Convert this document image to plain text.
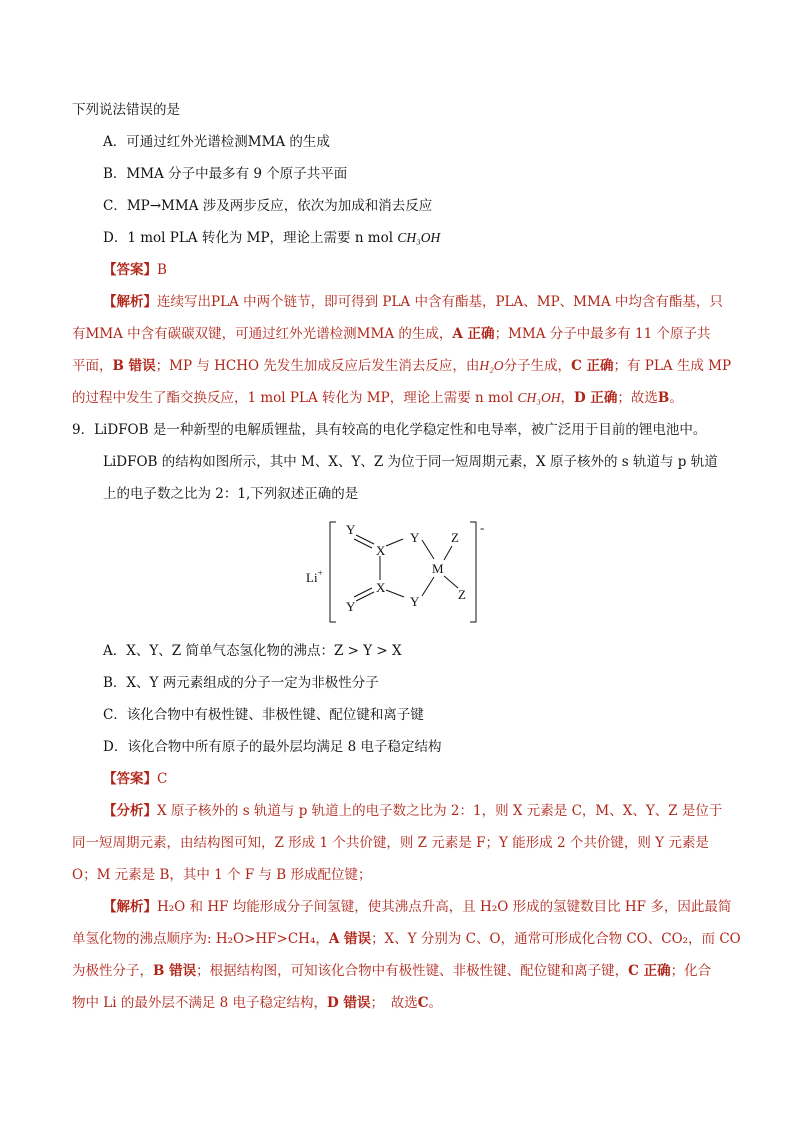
下列说法错误的是
A．可通过红外光谱检测MMA 的生成
B．MMA 分子中最多有 9 个原子共平面
C．MP→MMA 涉及两步反应，依次为加成和消去反应
D．1 mol PLA 转化为 MP，理论上需要 n mol CH₃OH
【答案】B
【解析】连续写出PLA 中两个链节，即可得到 PLA 中含有酯基，PLA、MP、MMA 中均含有酯基，只
有MMA 中含有碳碳双键，可通过红外光谱检测MMA 的生成，A 正确；MMA 分子中最多有 11 个原子共
平面，B 错误；MP 与 HCHO 先发生加成反应后发生消去反应，由H₂O分子生成，C 正确；有 PLA 生成 MP
的过程中发生了酯交换反应，1 mol PLA 转化为 MP，理论上需要 n mol CH₃OH，D 正确；故选B。
9．LiDFOB 是一种新型的电解质锂盐，具有较高的电化学稳定性和电导率，被广泛用于目前的锂电池中。
LiDFOB 的结构如图所示，其中 M、X、Y、Z 为位于同一短周期元素，X 原子核外的 s 轨道与 p 轨道
上的电子数之比为 2：1,下列叙述正确的是
Li+
-
Y
X
Y Z
M
X
Y	Z
Y
A．X、Y、Z 简单气态氢化物的沸点：Z > Y > X
B．X、Y 两元素组成的分子一定为非极性分子
C．该化合物中有极性键、非极性键、配位键和离子键
D．该化合物中所有原子的最外层均满足 8 电子稳定结构
【答案】C
【分析】X 原子核外的 s 轨道与 p 轨道上的电子数之比为 2：1，则 X 元素是 C，M、X、Y、Z 是位于
同一短周期元素，由结构图可知，Z 形成 1 个共价键，则 Z 元素是 F；Y 能形成 2 个共价键，则 Y 元素是
O；M 元素是 B，其中 1 个 F 与 B 形成配位键；
【解析】H₂O 和 HF 均能形成分子间氢键，使其沸点升高，且 H₂O 形成的氢键数目比 HF 多，因此最简
单氢化物的沸点顺序为: H₂O>HF>CH₄，A 错误；X、Y 分别为 C、O，通常可形成化合物 CO、CO₂，而 CO
为极性分子，B 错误；根据结构图，可知该化合物中有极性键、非极性键、配位键和离子键，C 正确；化合
物中 Li 的最外层不满足 8 电子稳定结构，D 错误；　故选C。
